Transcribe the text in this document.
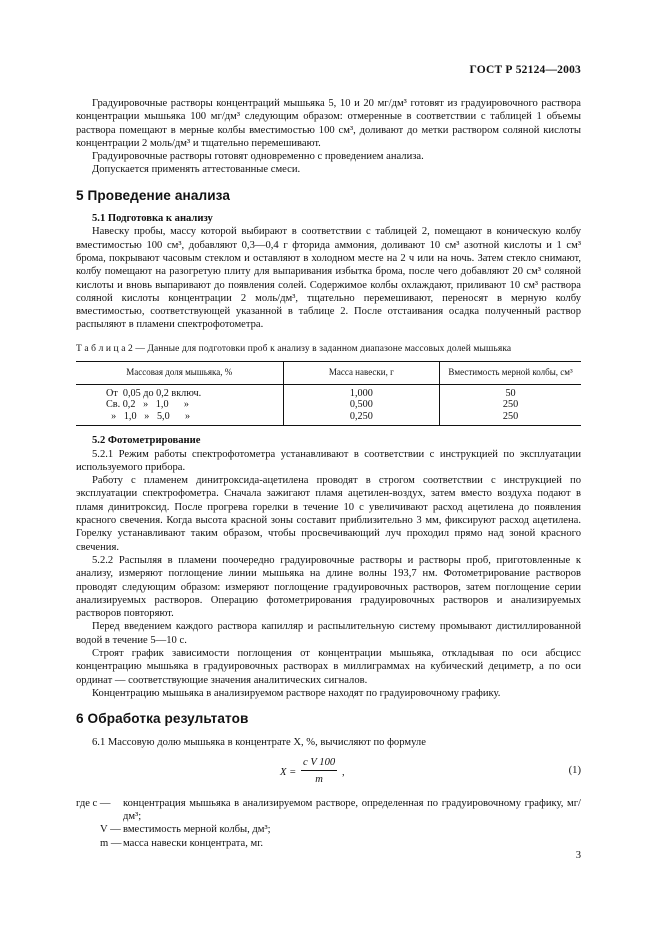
ГОСТ Р 52124—2003

Градуировочные растворы концентраций мышьяка 5, 10 и 20 мг/дм³ готовят из градуировочного раствора концентрации мышьяка 100 мг/дм³ следующим образом: отмеренные в соответствии с таблицей 1 объемы раствора помещают в мерные колбы вместимостью 100 см³, доливают до метки раствором соляной кислоты концентрации 2 моль/дм³ и тщательно перемешивают.

Градуировочные растворы готовят одновременно с проведением анализа.

Допускается применять аттестованные смеси.

5 Проведение анализа
5.1 Подготовка к анализу

Навеску пробы, массу которой выбирают в соответствии с таблицей 2, помещают в коническую колбу вместимостью 100 см³, добавляют 0,3—0,4 г фторида аммония, доливают 10 см³ азотной кислоты и 1 см³ брома, покрывают часовым стеклом и оставляют в холодном месте на 2 ч или на ночь. Затем стекло снимают, колбу помещают на разогретую плиту для выпаривания избытка брома, после чего добавляют 20 см³ соляной кислоты и вновь выпаривают до появления солей. Содержимое колбы охлаждают, приливают 10 см³ раствора соляной кислоты концентрации 2 моль/дм³, тщательно перемешивают, переносят в мерную колбу вместимостью, соответствующей указанной в таблице 2. После отстаивания осадка полученный раствор распыляют в пламени спектрофотометра.

Т а б л и ц а 2 — Данные для подготовки проб к анализу в заданном диапазоне массовых долей мышьяка

Массовая доля мышьяка, %	Масса навески, г	Вместимость мерной колбы, см³
От  0,05 до 0,2 включ.	1,000	50
Св. 0,2   »   1,0      »	0,500	250
»   1,0   »   5,0      »	0,250	250
5.2 Фотометрирование

5.2.1 Режим работы спектрофотометра устанавливают в соответствии с инструкцией по эксплуатации используемого прибора.

Работу с пламенем динитроксида-ацетилена проводят в строгом соответствии с инструкцией по эксплуатации спектрофометра. Сначала зажигают пламя ацетилен-воздух, затем вместо воздуха подают в пламя динитроксид. После прогрева горелки в течение 10 с увеличивают расход ацетилена до появления красного свечения. Когда высота красной зоны составит приблизительно 3 мм, фиксируют расход ацетилена. Горелку устанавливают таким образом, чтобы просвечивающий луч проходил прямо над зоной красного свечения.

5.2.2 Распыляя в пламени поочередно градуировочные растворы и растворы проб, приготовленные к анализу, измеряют поглощение линии мышьяка на длине волны 193,7 нм. Фотометрирование растворов проводят следующим образом: измеряют поглощение градуировочных растворов, затем поглощение серии анализируемых растворов. Операцию фотометрирования градуировочных растворов и анализируемых растворов повторяют.

Перед введением каждого раствора капилляр и распылительную систему промывают дистиллированной водой в течение 5—10 с.

Строят график зависимости поглощения от концентрации мышьяка, откладывая по оси абсцисс концентрацию мышьяка в градуировочных растворах в миллиграммах на кубический дециметр, а по оси ординат — соответствующие значения аналитических сигналов.

Концентрацию мышьяка в анализируемом растворе находят по градуировочному графику.

6 Обработка результатов

6.1 Массовую долю мышьяка в концентрате X, %, вычисляют по формуле

$X = \frac{\text{c V 100}}{m}$ ,	(1)

где c — концентрация мышьяка в анализируемом растворе, определенная по градуировочному графику, мг/дм³;

V — вместимость мерной колбы, дм³;

m — масса навески концентрата, мг.

3
